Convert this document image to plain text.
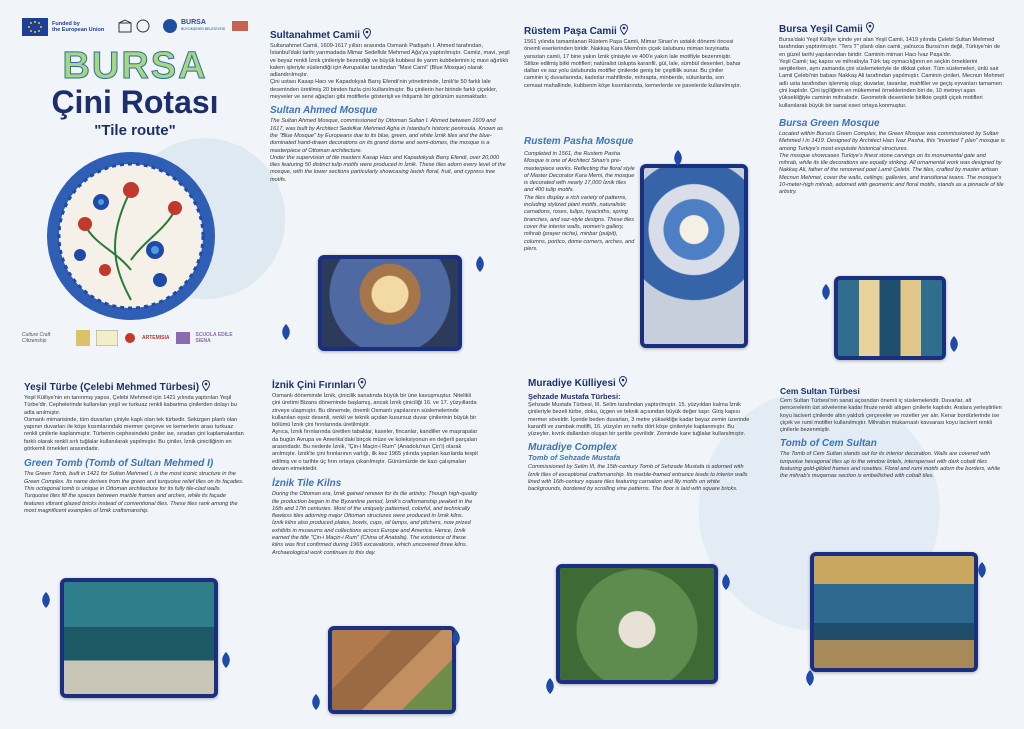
Funded by
the European Union
BURSA
BÜYÜKŞEHİR BELEDİYESİ
BURSA
Çini Rotası
"Tile route"
Culture Craft Citizenship	ARTEMISIA	SCUOLA EDILE SIENA
Sultanahmet Camii

Sultanahmet Camii, 1609-1617 yılları arasında Osmanlı Padişahı I. Ahmed tarafından, İstanbul'daki tarihi yarımadada Mimar Sedefkâr Mehmed Ağa'ya yaptırılmıştır. Camiiz, mavi, yeşil ve beyaz renkli İznik çinileriyle bezendiği ve büyük kubbesi ile yarım kubbelerinin iç mavi ağırlıklı kalem işleriyle süslendiği için Avrupalılar tarafından "Mavi Cami" (Blue Mosque) olarak adlandırılmıştır.

Çini ustası Kasap Hacı ve Kapadokyalı Barış Efendi'nin yönetiminde, İznik'te 50 farklı lale deseninden üretilmiş 20 binden fazla çini kullanılmıştır. Bu çinilerin her birinde farklı çiçekler, meyveler ve servi ağaçları gibi motiflerle gösterişli ve ihtişamlı bir görünüm sunmaktadır.

Sultan Ahmed Mosque

The Sultan Ahmed Mosque, commissioned by Ottoman Sultan I. Ahmed between 1609 and 1617, was built by Architect Sedefkar Mehmed Agha in Istanbul's historic peninsula. Known as the "Blue Mosque" by Europeans due to its blue, green, and white İznik tiles and the blue-dominated hand-drawn decorations on its grand dome and semi-domes, the mosque is a masterpiece of Ottoman architecture.

Under the supervision of tile masters Kasap Hacı and Kapadokyalı Barış Efendi, over 20,000 tiles featuring 50 distinct tulip motifs were produced in İznik. These tiles adorn every level of the mosque, with the lower sections particularly showcasing lavish floral, fruit, and cypress tree motifs.

Rüstem Paşa Camii

1561 yılında tamamlanan Rüstem Paşa Camii, Mimar Sinan'ın ustalık dönemi öncesi önemli eserlerinden biridir. Nakkaş Kara Memi'nin çiçek üslubunu miman tezyinatta yansıtan camii, 17 bine yakın İznik çinisiyle ve 400'e yakın lale motifiyle bezenmiştir.

Stilize edilmiş bitki motifleri; natüralist üslupta karanfil, gül, lale, sümbül desenleri, bahar dalları ve saz yolu üslubunda motifler çinilerde geniş bir çeşitlilik sunar. Bu çiniler caminin iç duvarlarında, kadınlar mahfilinde, mihrapta, minberde, sütunlarda, son cemaat mahallinde, kubbenin köşe kısımlarında, kemerlerde ve pavelerde kullanılmıştır.

Rustem Pasha Mosque

Completed in 1561, the Rustem Pasha Mosque is one of Architect Sinan's pre-masterpiece works. Reflecting the floral style of Master Decorator Kara Memi, the mosque is decorated with nearly 17,000 İznik tiles and 400 tulip motifs.

The tiles display a rich variety of patterns, including stylized plant motifs, naturalistic carnations, roses, tulips, hyacinths, spring branches, and saz-style designs. These tiles cover the interior walls, women's gallery, mihrab (prayer niche), minbar (pulpit), columns, portico, dome corners, arches, and piers.

Bursa Yeşil Camii

Bursa'daki Yeşil Külliye içinde yer alan Yeşil Camii, 1419 yılında Çelebi Sultan Mehmed tarafından yaptırılmıştır. "Ters T" planlı olan camii, yalnızca Bursa'nın değil, Türkiye'nin de en güzel tarihi yapılarından biridir. Caminin mimarı Hacı İvaz Paşa'dır.

Yeşil Camii; taç kapısı ve mihrabıyla Türk taş oymacılığının en seçkin örneklerini sergilerken, aynı zamanda çini süslemeleriyle de dikkat çeker. Tüm süslemeleri, ünlü sair Lamii Çelebi'nin babası Nakkaş Ali tarafından yapılmıştır. Caminin çinileri, Mecnun Mehmet adlı usta tarafından işlenmiş olup; duvarlar, tavanlar, mahfiller ve geçiş eyvanları tamamen çini kaplıdır. Çini işçiliğinin en mükemmel örneklerinden biri de, 10 metreyi aşan yüksekliğiyle caminin mihrabıdır. Geometrik desenlerle birlikte çeşitli çiçek motifleri kullanılarak büyük bir sanat eseri ortaya konmuştur.

Bursa Green Mosque

Located within Bursa's Green Complex, the Green Mosque was commissioned by Sultan Mehmed I in 1419. Designed by Architect Hacı İvaz Pasha, this "inverted T plan" mosque is among Turkiye's most exquisite historical structures.

The mosque showcases Turkiye's finest stone carvings on its monumental gate and mihrab, while its tile decorations are equally striking. All ornamental work was designed by Nakkaş Ali, father of the renowned poet Lamii Çelebi. The tiles, crafted by master artisan Mecnun Mehmet, cover the walls, ceilings, galleries, and transitional iwans. The mosque's 10-meter-high mihrab, adorned with geometric and floral motifs, stands as a pinnacle of tile artistry.

Yeşil Türbe (Çelebi Mehmed Türbesi)

Yeşil Külliye'nin en tanınmış yapısı, Çelebi Mehmed için 1421 yılında yaptırılan Yeşil Türbe'dir. Cephelerinde kullanılan yeşil ve turkuaz renkli kabartma çinilerden dolayı bu adla anılmıştır.

Osmanlı mimarisinde, tüm duvarları çiniyle kaplı olan tek türbedir. Sekizgen planlı olan yapının duvarları ile köşe kısımlarındaki mermer çerçeve ve kemerlerin arası turkuaz renkli çinilerle kaplanmıştır. Türbenin cephesindeki çiniler ise, sıradan çini kaplamalardan farklı olarak renkli sırlı tuğlalar kullanılarak yapılmıştır. Bu çiniler, İznik çiniciliğinin en görkemli örnekleri arasındadır.

Green Tomb (Tomb of Sultan Mehmed I)

The Green Tomb, built in 1421 for Sultan Mehmed I, is the most iconic structure in the Green Complex. Its name derives from the green and turquoise relief tiles on its façades.

This octagonal tomb is unique in Ottoman architecture for its fully tile-clad walls. Turquoise tiles fill the spaces between marble frames and arches, while its façade features vibrant glazed bricks instead of conventional tiles. These tiles rank among the most magnificent examples of İznik craftsmanship.

İznik Çini Fırınları

Osmanlı döneminde İznik, çinicilik sanatında büyük bir üne kavuşmuştur. Nitelikli çini üretimi Bizans döneminde başlamış, ancak İznik çiniciliği 16. ve 17. yüzyıllarda zirveye ulaşmıştır. Bu dönemde, önemli Osmanlı yapılarının süslemelerinde kullanılan eşsiz desenli, renkli ve teknik açıdan kusursuz duvar çinilerinin büyük bir bölümü İznik çini fırınlarında üretilmiştir.

Ayrıca, İznik fırınlarında üretilen tabaklar, kaseler, fincanlar, kandiller ve maşrapalar da bugün Avrupa ve Amerika'daki birçok müze ve koleksiyonun en değerli parçaları arasındadır. Bu nedenle İznik, "Çin-i Maçin-i Rum" (Anadolu'nun Çin'i) olarak anılmıştır. İznik'te çini fırınlarının varlığı, ilk kez 1965 yılında yapılan kazılarda tespit edilmiş ve o tarihte üç fırın ortaya çıkarılmıştır. Günümüzde de kazı çalışmaları devam etmektedir.

İznik Tile Kilns

During the Ottoman era, İznik gained renown for its tile artistry. Though high-quality tile production began in the Byzantine period, İznik's craftsmanship peaked in the 16th and 17th centuries. Most of the uniquely patterned, colorful, and technically flawless tiles adorning major Ottoman structures were produced in İznik kilns.

İznik kilns also produced plates, bowls, cups, oil lamps, and pitchers, now prized exhibits in museums and collections across Europe and America. Hence, İznik earned the title "Çin-i Maçin-i Rum" (China of Anatolia). The existence of these kilns was first confirmed during 1965 excavations, which uncovered three kilns. Archaeological work continues to this day.

Muradiye Külliyesi
Şehzade Mustafa Türbesi:

Şehzade Mustafa Türbesi, III. Selim tarafından yaptırılmıştır. 15. yüzyıldan kalma İznik çinileriyle bezeli türbe, doku, üçgen ve teknik açısından büyük değer taşır. Giriş kapısı mermer söveldir. İçeride beden duvarları, 3 metre yüksekliğe kadar beyaz zemin üzerinde karanfil ve zambak motifli, 16. yüzyılın en nefis dört köşe çinileriyle kaplanmıştır. Bu yüzeyler, kıvrık dallardan oluşan bir şeritle çevrilidir. Zeminde kare tuğlalar kullanılmıştır.

Muradiye Complex
Tomb of Sehzade Mustafa

Commissioned by Selim III, the 15th-century Tomb of Sehzade Mustafa is adorned with İznik tiles of exceptional craftsmanship. Its marble-framed entrance leads to interior walls lined with 16th-century square tiles featuring carnation and lily motifs on white backgrounds, bordered by scrolling vine patterns. The floor is laid with square bricks.

Cem Sultan Türbesi

Cem Sultan Türbesi'nin sanat açısından önemli iç süslemeleridir. Duvarlar, alt pencerelerin üst sövelerine kadar firuze renkli altıgen çinilerle kaplıdır. Aralara yerleştirilen koyu lacivert çinilerde altın yaldızlı çerçeveler ve rozetler yer alır. Kenar bordürlerinde ise çiçek ve rumi motifler kullanılmıştır. Mihrabın mukarnaslı kavsarası koyu lacivert renkli çinilerle bezenmiştir.

Tomb of Cem Sultan

The Tomb of Cem Sultan stands out for its interior decoration. Walls are covered with turquoise hexagonal tiles up to the window lintels, interspersed with dark cobalt tiles featuring gold-gilded frames and rosettes. Floral and rumi motifs adorn the borders, while the mihrab's muqarnas section is embellished with cobalt tiles.
